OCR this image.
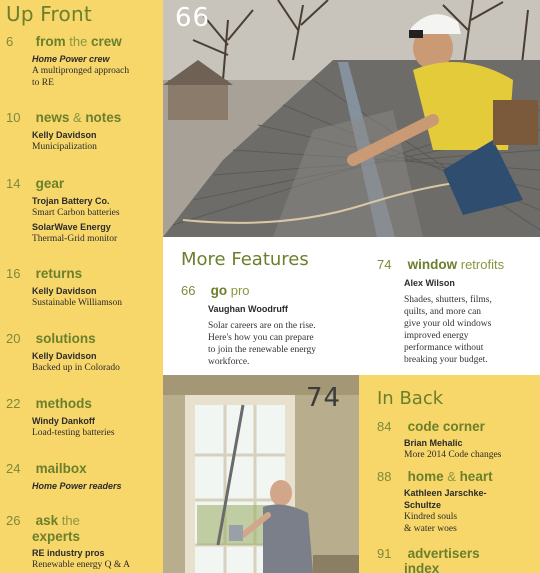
Up Front
6 from the crew
Home Power crew
A multipronged approach
to RE
10 news & notes
Kelly Davidson
Municipalization
14 gear
Trojan Battery Co.
Smart Carbon batteries
SolarWave Energy
Thermal-Grid monitor
16 returns
Kelly Davidson
Sustainable Williamson
20 solutions
Kelly Davidson
Backed up in Colorado
22 methods
Windy Dankoff
Load-testing batteries
24 mailbox
Home Power readers
26 ask the
experts
RE industry pros
Renewable energy Q & A
66
More Features
66 go pro
Vaughan Woodruff
Solar careers are on the rise.
Here's how you can prepare
to join the renewable energy
workforce.
74 window retrofits
Alex Wilson
Shades, shutters, films,
quilts, and more can
give your old windows
improved energy
performance without
breaking your budget.
74 In Back
84 code corner
Brian Mehalic
More 2014 Code changes
88 home & heart
Kathleen Jarschke-
Schultze
Kindred souls
& water woes
91 advertisers
index
